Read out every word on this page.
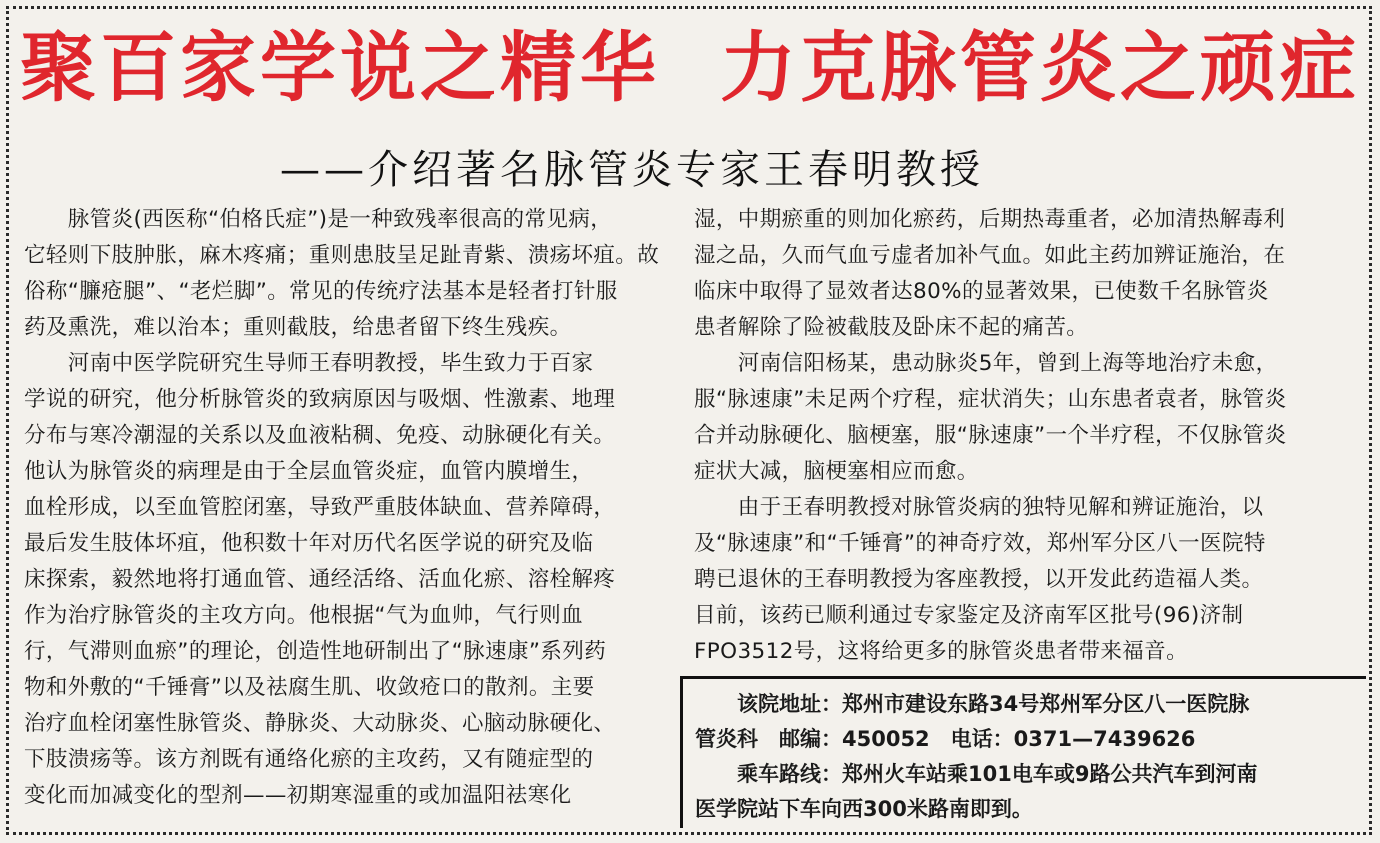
聚百家学说之精华 力克脉管炎之顽症
——介绍著名脉管炎专家王春明教授
　　脉管炎(西医称“伯格氏症”)是一种致残率很高的常见病，
它轻则下肢肿胀，麻木疼痛；重则患肢呈足趾青紫、溃疡坏疽。故
俗称“臁疮腿”、“老烂脚”。常见的传统疗法基本是轻者打针服
药及熏洗，难以治本；重则截肢，给患者留下终生残疾。
　　河南中医学院研究生导师王春明教授，毕生致力于百家
学说的研究，他分析脉管炎的致病原因与吸烟、性激素、地理
分布与寒冷潮湿的关系以及血液粘稠、免疫、动脉硬化有关。
他认为脉管炎的病理是由于全层血管炎症，血管内膜增生，
血栓形成，以至血管腔闭塞，导致严重肢体缺血、营养障碍，
最后发生肢体坏疽，他积数十年对历代名医学说的研究及临
床探索，毅然地将打通血管、通经活络、活血化瘀、溶栓解疼
作为治疗脉管炎的主攻方向。他根据“气为血帅，气行则血
行，气滞则血瘀”的理论，创造性地研制出了“脉速康”系列药
物和外敷的“千锤膏”以及祛腐生肌、收敛疮口的散剂。主要
治疗血栓闭塞性脉管炎、静脉炎、大动脉炎、心脑动脉硬化、
下肢溃疡等。该方剂既有通络化瘀的主攻药，又有随症型的
变化而加减变化的型剂——初期寒湿重的或加温阳祛寒化
湿，中期瘀重的则加化瘀药，后期热毒重者，必加清热解毒利
湿之品，久而气血亏虚者加补气血。如此主药加辨证施治，在
临床中取得了显效者达80%的显著效果，已使数千名脉管炎
患者解除了险被截肢及卧床不起的痛苦。
　　河南信阳杨某，患动脉炎5年，曾到上海等地治疗未愈，
服“脉速康”未足两个疗程，症状消失；山东患者袁者，脉管炎
合并动脉硬化、脑梗塞，服“脉速康”一个半疗程，不仅脉管炎
症状大减，脑梗塞相应而愈。
　　由于王春明教授对脉管炎病的独特见解和辨证施治，以
及“脉速康”和“千锤膏”的神奇疗效，郑州军分区八一医院特
聘已退休的王春明教授为客座教授，以开发此药造福人类。
目前，该药已顺利通过专家鉴定及济南军区批号(96)济制
FPO3512号，这将给更多的脉管炎患者带来福音。
　　该院地址：郑州市建设东路34号郑州军分区八一医院脉
管炎科　邮编：450052　电话：0371—7439626
　　乘车路线：郑州火车站乘101电车或9路公共汽车到河南
医学院站下车向西300米路南即到。
